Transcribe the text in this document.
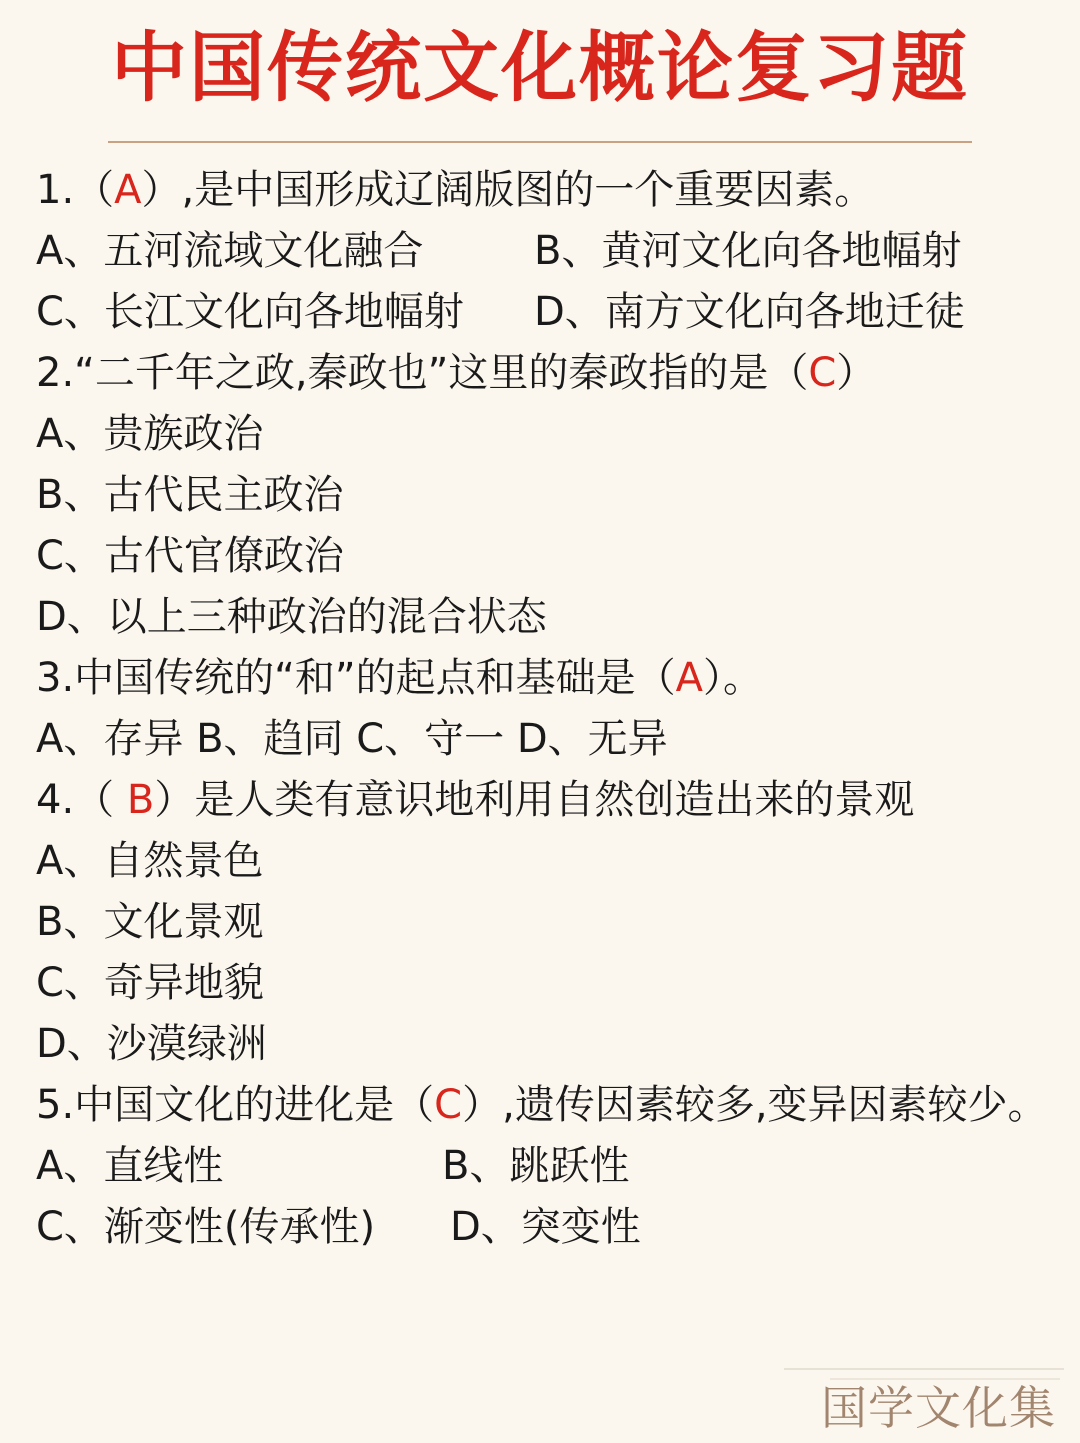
中国传统文化概论复习题
1.（A）,是中国形成辽阔版图的一个重要因素。
A、五河流域文化融合	B、黄河文化向各地幅射
C、长江文化向各地幅射 D、南方文化向各地迁徒
2.“二千年之政,秦政也”这里的秦政指的是（C）
A、贵族政治
B、古代民主政治
C、古代官僚政治
D、以上三种政治的混合状态
3.中国传统的“和”的起点和基础是（A）。
A、存异 B、趋同 C、守一 D、无异
4.（ B）是人类有意识地利用自然创造出来的景观
A、自然景色
B、文化景观
C、奇异地貌
D、沙漠绿洲
5.中国文化的进化是（C）,遗传因素较多,变异因素较少。
A、直线性	B、跳跃性
C、渐变性(传承性) D、突变性
国学文化集
